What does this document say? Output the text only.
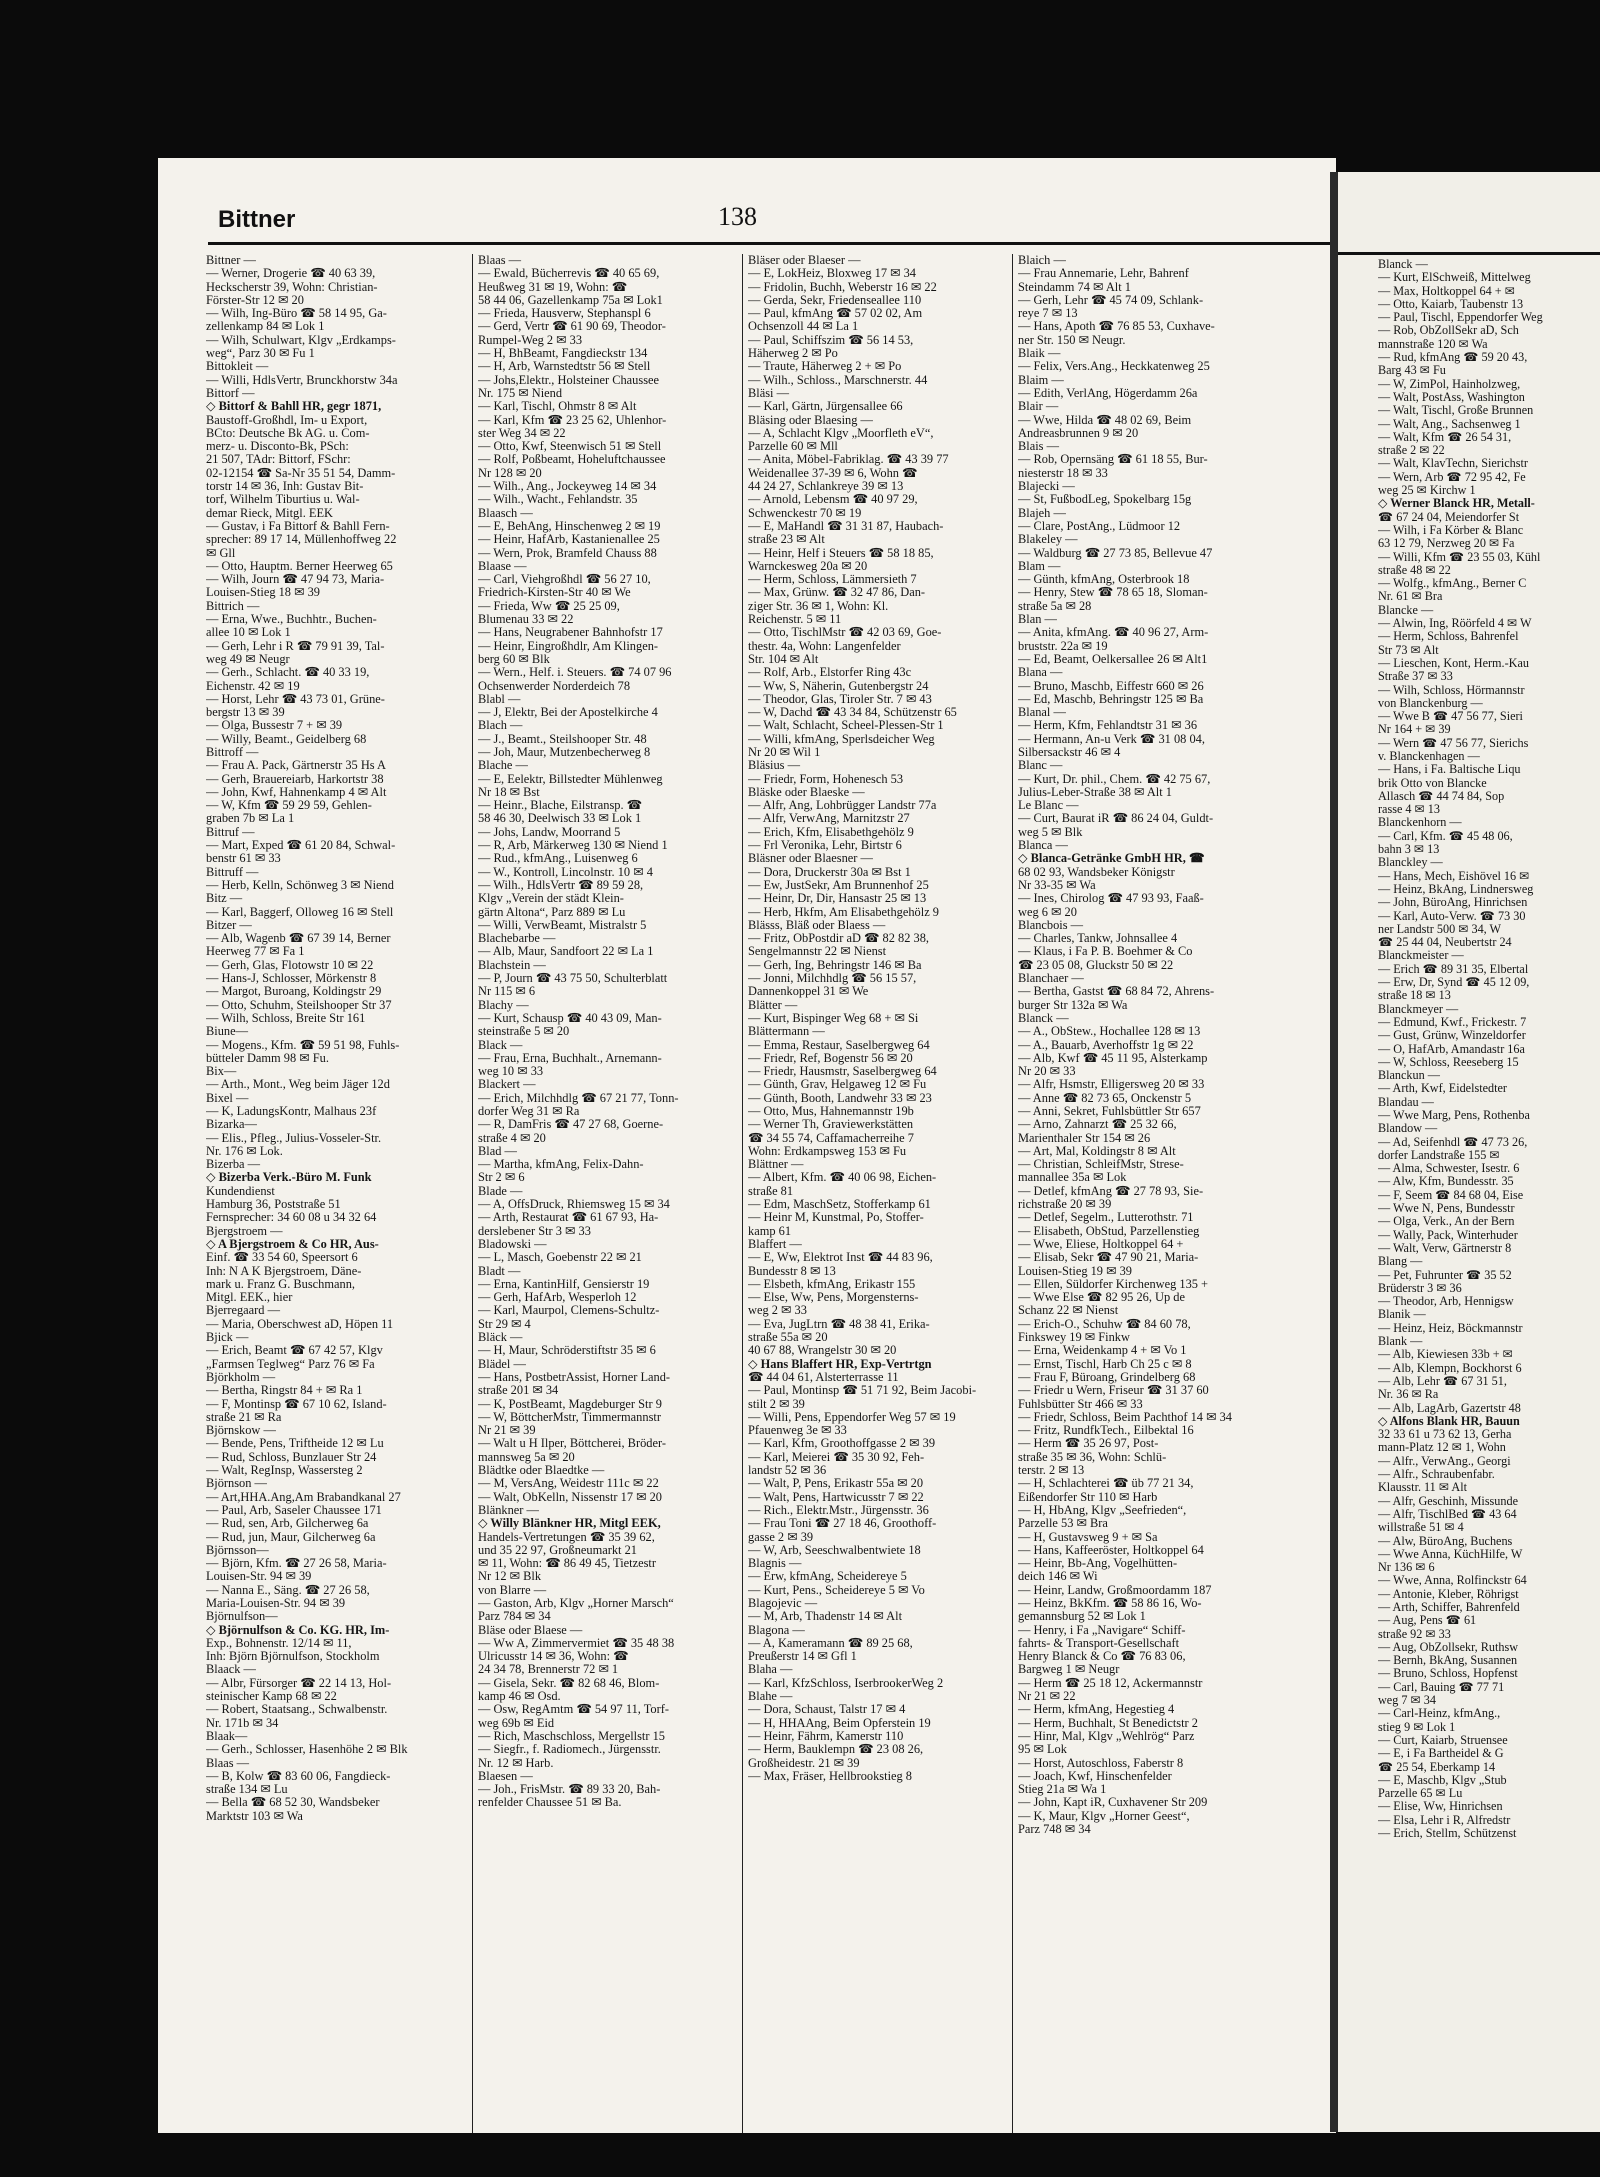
Bittner	138
Bittner —
— Werner, Drogerie ☎ 40 63 39,
Heckscherstr 39, Wohn: Christian-
Förster-Str 12 ✉ 20
— Wilh, Ing-Büro ☎ 58 14 95, Ga-
zellenkamp 84 ✉ Lok 1
— Wilh, Schulwart, Klgv „Erdkamps-
weg“, Parz 30 ✉ Fu 1
Bittokleit —
— Willi, HdlsVertr, Brunckhorstw 34a
Bittorf —
◇ Bittorf & Bahll HR, gegr 1871,
Baustoff-Großhdl, Im- u Export,
BCto: Deutsche Bk AG. u. Com-
merz- u. Disconto-Bk, PSch:
21 507, TAdr: Bittorf, FSchr:
02-12154 ☎ Sa-Nr 35 51 54, Damm-
torstr 14 ✉ 36, Inh: Gustav Bit-
torf, Wilhelm Tiburtius u. Wal-
demar Rieck, Mitgl. EEK
— Gustav, i Fa Bittorf & Bahll Fern-
sprecher: 89 17 14, Müllenhoffweg 22
✉ Gll
— Otto, Hauptm. Berner Heerweg 65
— Wilh, Journ ☎ 47 94 73, Maria-
Louisen-Stieg 18 ✉ 39
Bittrich —
— Erna, Wwe., Buchhtr., Buchen-
allee 10 ✉ Lok 1
— Gerh, Lehr i R ☎ 79 91 39, Tal-
weg 49 ✉ Neugr
— Gerh., Schlacht. ☎ 40 33 19,
Eichenstr. 42 ✉ 19
— Horst, Lehr ☎ 43 73 01, Grüne-
bergstr 13 ✉ 39
— Olga, Bussestr 7 + ✉ 39
— Willy, Beamt., Geidelberg 68
Bittroff —
— Frau A. Pack, Gärtnerstr 35 Hs A
— Gerh, Brauereiarb, Harkortstr 38
— John, Kwf, Hahnenkamp 4 ✉ Alt
— W, Kfm ☎ 59 29 59, Gehlen-
graben 7b ✉ La 1
Bittruf —
— Mart, Exped ☎ 61 20 84, Schwal-
benstr 61 ✉ 33
Bittruff —
— Herb, Kelln, Schönweg 3 ✉ Niend
Bitz —
— Karl, Baggerf, Olloweg 16 ✉ Stell
Bitzer —
— Alb, Wagenb ☎ 67 39 14, Berner
Heerweg 77 ✉ Fa 1
— Gerh, Glas, Flotowstr 10 ✉ 22
— Hans-J, Schlosser, Mörkenstr 8
— Margot, Buroang, Koldingstr 29
— Otto, Schuhm, Steilshooper Str 37
— Wilh, Schloss, Breite Str 161
Biune—
— Mogens., Kfm. ☎ 59 51 98, Fuhls-
bütteler Damm 98 ✉ Fu.
Bix—
— Arth., Mont., Weg beim Jäger 12d
Bixel —
— K, LadungsKontr, Malhaus 23f
Bizarka—
— Elis., Pfleg., Julius-Vosseler-Str.
Nr. 176 ✉ Lok.
Bizerba —
◇ Bizerba Verk.-Büro M. Funk
Kundendienst
Hamburg 36, Poststraße 51
Fernsprecher: 34 60 08 u 34 32 64
Bjergstroem —
◇ A Bjergstroem & Co HR, Aus-
Einf. ☎ 33 54 60, Speersort 6
Inh: N A K Bjergstroem, Däne-
mark u. Franz G. Buschmann,
Mitgl. EEK., hier
Bjerregaard —
— Maria, Oberschwest aD, Höpen 11
Bjick —
— Erich, Beamt ☎ 67 42 57, Klgv
„Farmsen Teglweg“ Parz 76 ✉ Fa
Björkholm —
— Bertha, Ringstr 84 + ✉ Ra 1
— F, Montinsp ☎ 67 10 62, Island-
straße 21 ✉ Ra
Björnskow —
— Bende, Pens, Triftheide 12 ✉ Lu
— Rud, Schloss, Bunzlauer Str 24
— Walt, RegInsp, Wassersteg 2
Björnson —
— Art,HHA.Ang,Am Brabandkanal 27
— Paul, Arb, Saseler Chaussee 171
— Rud, sen, Arb, Gilcherweg 6a
— Rud, jun, Maur, Gilcherweg 6a
Björnsson—
— Björn, Kfm. ☎ 27 26 58, Maria-
Louisen-Str. 94 ✉ 39
— Nanna E., Säng. ☎ 27 26 58,
Maria-Louisen-Str. 94 ✉ 39
Björnulfson—
◇ Björnulfson & Co. KG. HR, Im-
Exp., Bohnenstr. 12/14 ✉ 11,
Inh: Björn Björnulfson, Stockholm
Blaack —
— Albr, Fürsorger ☎ 22 14 13, Hol-
steinischer Kamp 68 ✉ 22
— Robert, Staatsang., Schwalbenstr.
Nr. 171b ✉ 34
Blaak—
— Gerh., Schlosser, Hasenhöhe 2 ✉ Blk
Blaas —
— B, Kolw ☎ 83 60 06, Fangdieck-
straße 134 ✉ Lu
— Bella ☎ 68 52 30, Wandsbeker
Marktstr 103 ✉ Wa
Blaas —
— Ewald, Bücherrevis ☎ 40 65 69,
Heußweg 31 ✉ 19, Wohn: ☎
58 44 06, Gazellenkamp 75a ✉ Lok1
— Frieda, Hausverw, Stephanspl 6
— Gerd, Vertr ☎ 61 90 69, Theodor-
Rumpel-Weg 2 ✉ 33
— H, BhBeamt, Fangdieckstr 134
— H, Arb, Warnstedtstr 56 ✉ Stell
— Johs,Elektr., Holsteiner Chaussee
Nr. 175 ✉ Niend
— Karl, Tischl, Ohmstr 8 ✉ Alt
— Karl, Kfm ☎ 23 25 62, Uhlenhor-
ster Weg 34 ✉ 22
— Otto, Kwf, Steenwisch 51 ✉ Stell
— Rolf, Poßbeamt, Hoheluftchaussee
Nr 128 ✉ 20
— Wilh., Ang., Jockeyweg 14 ✉ 34
— Wilh., Wacht., Fehlandstr. 35
Blaasch —
— E, BehAng, Hinschenweg 2 ✉ 19
— Heinr, HafArb, Kastanienallee 25
— Wern, Prok, Bramfeld Chauss 88
Blaase —
— Carl, Viehgroßhdl ☎ 56 27 10,
Friedrich-Kirsten-Str 40 ✉ We
— Frieda, Ww ☎ 25 25 09,
Blumenau 33 ✉ 22
— Hans, Neugrabener Bahnhofstr 17
— Heinr, Eingroßhdlr, Am Klingen-
berg 60 ✉ Blk
— Wern., Helf. i. Steuers. ☎ 74 07 96
Ochsenwerder Norderdeich 78
Blabl —
— J, Elektr, Bei der Apostelkirche 4
Blach —
— J., Beamt., Steilshooper Str. 48
— Joh, Maur, Mutzenbecherweg 8
Blache —
— E, Eelektr, Billstedter Mühlenweg
Nr 18 ✉ Bst
— Heinr., Blache, Eilstransp. ☎
58 46 30, Deelwisch 33 ✉ Lok 1
— Johs, Landw, Moorrand 5
— R, Arb, Märkerweg 130 ✉ Niend 1
— Rud., kfmAng., Luisenweg 6
— W., Kontroll, Lincolnstr. 10 ✉ 4
— Wilh., HdlsVertr ☎ 89 59 28,
Klgv „Verein der städt Klein-
gärtn Altona“, Parz 889 ✉ Lu
— Willi, VerwBeamt, Mistralstr 5
Blachebarbe —
— Alb, Maur, Sandfoort 22 ✉ La 1
Blachstein —
— P, Journ ☎ 43 75 50, Schulterblatt
Nr 115 ✉ 6
Blachy —
— Kurt, Schausp ☎ 40 43 09, Man-
steinstraße 5 ✉ 20
Black —
— Frau, Erna, Buchhalt., Arnemann-
weg 10 ✉ 33
Blackert —
— Erich, Milchhdlg ☎ 67 21 77, Tonn-
dorfer Weg 31 ✉ Ra
— R, DamFris ☎ 47 27 68, Goerne-
straße 4 ✉ 20
Blad —
— Martha, kfmAng, Felix-Dahn-
Str 2 ✉ 6
Blade —
— A, OffsDruck, Rhiemsweg 15 ✉ 34
— Arth, Restaurat ☎ 61 67 93, Ha-
derslebener Str 3 ✉ 33
Bladowski —
— L, Masch, Goebenstr 22 ✉ 21
Bladt —
— Erna, KantinHilf, Gensierstr 19
— Gerh, HafArb, Wesperloh 12
— Karl, Maurpol, Clemens-Schultz-
Str 29 ✉ 4
Bläck —
— H, Maur, Schröderstiftstr 35 ✉ 6
Blädel —
— Hans, PostbetrAssist, Horner Land-
straße 201 ✉ 34
— K, PostBeamt, Magdeburger Str 9
— W, BöttcherMstr, Timmermannstr
Nr 21 ✉ 39
— Walt u H Ilper, Böttcherei, Bröder-
mannsweg 5a ✉ 20
Blädtke oder Blaedtke —
— M, VersAng, Weidestr 111c ✉ 22
— Walt, ObKelln, Nissenstr 17 ✉ 20
Blänkner —
◇ Willy Blänkner HR, Mitgl EEK,
Handels-Vertretungen ☎ 35 39 62,
und 35 22 97, Großneumarkt 21
✉ 11, Wohn: ☎ 86 49 45, Tietzestr
Nr 12 ✉ Blk
von Blarre —
— Gaston, Arb, Klgv „Horner Marsch“
Parz 784 ✉ 34
Bläse oder Blaese —
— Ww A, Zimmervermiet ☎ 35 48 38
Ulricusstr 14 ✉ 36, Wohn: ☎
24 34 78, Brennerstr 72 ✉ 1
— Gisela, Sekr. ☎ 82 68 46, Blom-
kamp 46 ✉ Osd.
— Osw, RegAmtm ☎ 54 97 11, Torf-
weg 69b ✉ Eid
— Rich, Maschschloss, Mergellstr 15
— Siegfr., f. Radiomech., Jürgensstr.
Nr. 12 ✉ Harb.
Blaesen —
— Joh., FrisMstr. ☎ 89 33 20, Bah-
renfelder Chaussee 51 ✉ Ba.
Bläser oder Blaeser —
— E, LokHeiz, Bloxweg 17 ✉ 34
— Fridolin, Buchh, Weberstr 16 ✉ 22
— Gerda, Sekr, Friedenseallee 110
— Paul, kfmAng ☎ 57 02 02, Am
Ochsenzoll 44 ✉ La 1
— Paul, Schiffszim ☎ 56 14 53,
Häherweg 2 ✉ Po
— Traute, Häherweg 2 + ✉ Po
— Wilh., Schloss., Marschnerstr. 44
Bläsi —
— Karl, Gärtn, Jürgensallee 66
Bläsing oder Blaesing —
— A, Schlacht Klgv „Moorfleth eV“,
Parzelle 60 ✉ Mll
— Anita, Möbel-Fabriklag. ☎ 43 39 77
Weidenallee 37-39 ✉ 6, Wohn ☎
44 24 27, Schlankreye 39 ✉ 13
— Arnold, Lebensm ☎ 40 97 29,
Schwenckestr 70 ✉ 19
— E, MaHandl ☎ 31 31 87, Haubach-
straße 23 ✉ Alt
— Heinr, Helf i Steuers ☎ 58 18 85,
Warnckesweg 20a ✉ 20
— Herm, Schloss, Lämmersieth 7
— Max, Grünw. ☎ 32 47 86, Dan-
ziger Str. 36 ✉ 1, Wohn: Kl.
Reichenstr. 5 ✉ 11
— Otto, TischlMstr ☎ 42 03 69, Goe-
thestr. 4a, Wohn: Langenfelder
Str. 104 ✉ Alt
— Rolf, Arb., Elstorfer Ring 43c
— Ww, S, Näherin, Gutenbergstr 24
— Theodor, Glas, Tiroler Str. 7 ✉ 43
— W, Dachd ☎ 43 34 84, Schützenstr 65
— Walt, Schlacht, Scheel-Plessen-Str 1
— Willi, kfmAng, Sperlsdeicher Weg
Nr 20 ✉ Wil 1
Bläsius —
— Friedr, Form, Hohenesch 53
Bläske oder Blaeske —
— Alfr, Ang, Lohbrügger Landstr 77a
— Alfr, VerwAng, Marnitzstr 27
— Erich, Kfm, Elisabethgehölz 9
— Frl Veronika, Lehr, Birtstr 6
Bläsner oder Blaesner —
— Dora, Druckerstr 30a ✉ Bst 1
— Ew, JustSekr, Am Brunnenhof 25
— Heinr, Dr, Dir, Hansastr 25 ✉ 13
— Herb, Hkfm, Am Elisabethgehölz 9
Blässs, Bläß oder Blaess —
— Fritz, ObPostdir aD ☎ 82 82 38,
Sengelmannstr 22 ✉ Nienst
— Gerh, Ing, Behringstr 146 ✉ Ba
— Jonni, Milchhdlg ☎ 56 15 57,
Dannenkoppel 31 ✉ We
Blätter —
— Kurt, Bispinger Weg 68 + ✉ Si
Blättermann —
— Emma, Restaur, Saselbergweg 64
— Friedr, Ref, Bogenstr 56 ✉ 20
— Friedr, Hausmstr, Saselbergweg 64
— Günth, Grav, Helgaweg 12 ✉ Fu
— Günth, Booth, Landwehr 33 ✉ 23
— Otto, Mus, Hahnemannstr 19b
— Werner Th, Graviewerkstätten
☎ 34 55 74, Caffamacherreihe 7
Wohn: Erdkampsweg 153 ✉ Fu
Blättner —
— Albert, Kfm. ☎ 40 06 98, Eichen-
straße 81
— Edm, MaschSetz, Stofferkamp 61
— Heinr M, Kunstmal, Po, Stoffer-
kamp 61
Blaffert —
— E, Ww, Elektrot Inst ☎ 44 83 96,
Bundesstr 8 ✉ 13
— Elsbeth, kfmAng, Erikastr 155
— Else, Ww, Pens, Morgensterns-
weg 2 ✉ 33
— Eva, JugLtrn ☎ 48 38 41, Erika-
straße 55a ✉ 20
40 67 88, Wrangelstr 30 ✉ 20
◇ Hans Blaffert HR, Exp-Vertrtgn
☎ 44 04 61, Alsterterrasse 11
— Paul, Montinsp ☎ 51 71 92, Beim Jacobi-
stilt 2 ✉ 39
— Willi, Pens, Eppendorfer Weg 57 ✉ 19
Pfauenweg 3e ✉ 33
— Karl, Kfm, Groothoffgasse 2 ✉ 39
— Karl, Meierei ☎ 35 30 92, Feh-
landstr 52 ✉ 36
— Walt, P, Pens, Erikastr 55a ✉ 20
— Walt, Pens, Hartwicusstr 7 ✉ 22
— Rich., Elektr.Mstr., Jürgensstr. 36
— Frau Toni ☎ 27 18 46, Groothoff-
gasse 2 ✉ 39
— W, Arb, Seeschwalbentwiete 18
Blagnis —
— Erw, kfmAng, Scheidereye 5
— Kurt, Pens., Scheidereye 5 ✉ Vo
Blagojevic —
— M, Arb, Thadenstr 14 ✉ Alt
Blagona —
— A, Kameramann ☎ 89 25 68,
Preußerstr 14 ✉ Gfl 1
Blaha —
— Karl, KfzSchloss, IserbrookerWeg 2
Blahe —
— Dora, Schaust, Talstr 17 ✉ 4
— H, HHAAng, Beim Opferstein 19
— Heinr, Fährm, Kamerstr 110
— Herm, Bauklempn ☎ 23 08 26,
Großheidestr. 21 ✉ 39
— Max, Fräser, Hellbrookstieg 8
Blaich —
— Frau Annemarie, Lehr, Bahrenf
Steindamm 74 ✉ Alt 1
— Gerh, Lehr ☎ 45 74 09, Schlank-
reye 7 ✉ 13
— Hans, Apoth ☎ 76 85 53, Cuxhave-
ner Str. 150 ✉ Neugr.
Blaik —
— Felix, Vers.Ang., Heckkatenweg 25
Blaim —
— Edith, VerlAng, Högerdamm 26a
Blair —
— Wwe, Hilda ☎ 48 02 69, Beim
Andreasbrunnen 9 ✉ 20
Blais —
— Rob, Opernsäng ☎ 61 18 55, Bur-
niesterstr 18 ✉ 33
Blajecki —
— St, FußbodLeg, Spokelbarg 15g
Blajeh —
— Clare, PostAng., Lüdmoor 12
Blakeley —
— Waldburg ☎ 27 73 85, Bellevue 47
Blam —
— Günth, kfmAng, Osterbrook 18
— Henry, Stew ☎ 78 65 18, Sloman-
straße 5a ✉ 28
Blan —
— Anita, kfmAng. ☎ 40 96 27, Arm-
bruststr. 22a ✉ 19
— Ed, Beamt, Oelkersallee 26 ✉ Alt1
Blana —
— Bruno, Maschb, Eiffestr 660 ✉ 26
— Ed, Maschb, Behringstr 125 ✉ Ba
Blanal —
— Herm, Kfm, Fehlandtstr 31 ✉ 36
— Hermann, An-u Verk ☎ 31 08 04,
Silbersackstr 46 ✉ 4
Blanc —
— Kurt, Dr. phil., Chem. ☎ 42 75 67,
Julius-Leber-Straße 38 ✉ Alt 1
Le Blanc —
— Curt, Baurat iR ☎ 86 24 04, Guldt-
weg 5 ✉ Blk
Blanca —
◇ Blanca-Getränke GmbH HR, ☎
68 02 93, Wandsbeker Königstr
Nr 33-35 ✉ Wa
— Ines, Chirolog ☎ 47 93 93, Faaß-
weg 6 ✉ 20
Blancbois —
— Charles, Tankw, Johnsallee 4
— Klaus, i Fa P. B. Boehmer & Co
☎ 23 05 08, Gluckstr 50 ✉ 22
Blanchaer —
— Bertha, Gastst ☎ 68 84 72, Ahrens-
burger Str 132a ✉ Wa
Blanck —
— A., ObStew., Hochallee 128 ✉ 13
— A., Bauarb, Averhoffstr 1g ✉ 22
— Alb, Kwf ☎ 45 11 95, Alsterkamp
Nr 20 ✉ 33
— Alfr, Hsmstr, Elligersweg 20 ✉ 33
— Anne ☎ 82 73 65, Onckenstr 5
— Anni, Sekret, Fuhlsbüttler Str 657
— Arno, Zahnarzt ☎ 25 32 66,
Marienthaler Str 154 ✉ 26
— Art, Mal, Koldingstr 8 ✉ Alt
— Christian, SchleifMstr, Strese-
mannallee 35a ✉ Lok
— Detlef, kfmAng ☎ 27 78 93, Sie-
richstraße 20 ✉ 39
— Detlef, Segelm., Lutterothstr. 71
— Elisabeth, ObStud, Parzellenstieg
— Wwe, Eliese, Holtkoppel 64 +
— Elisab, Sekr ☎ 47 90 21, Maria-
Louisen-Stieg 19 ✉ 39
— Ellen, Süldorfer Kirchenweg 135 +
— Wwe Else ☎ 82 95 26, Up de
Schanz 22 ✉ Nienst
— Erich-O., Schuhw ☎ 84 60 78,
Finkswey 19 ✉ Finkw
— Erna, Weidenkamp 4 + ✉ Vo 1
— Ernst, Tischl, Harb Ch 25 c ✉ 8
— Frau F, Büroang, Grindelberg 68
— Friedr u Wern, Friseur ☎ 31 37 60
Fuhlsbütter Str 466 ✉ 33
— Friedr, Schloss, Beim Pachthof 14 ✉ 34
— Fritz, RundfkTech., Eilbektal 16
— Herm ☎ 35 26 97, Post-
straße 35 ✉ 36, Wohn: Schlü-
terstr. 2 ✉ 13
— H, Schlachterei ☎ üb 77 21 34,
Eißendorfer Str 110 ✉ Harb
— H, HbAng, Klgv „Seefrieden“,
Parzelle 53 ✉ Bra
— H, Gustavsweg 9 + ✉ Sa
— Hans, Kaffeeröster, Holtkoppel 64
— Heinr, Bb-Ang, Vogelhütten-
deich 146 ✉ Wi
— Heinr, Landw, Großmoordamm 187
— Heinz, BkKfm. ☎ 58 86 16, Wo-
gemannsburg 52 ✉ Lok 1
— Henry, i Fa „Navigare“ Schiff-
fahrts- & Transport-Gesellschaft
Henry Blanck & Co ☎ 76 83 06,
Bargweg 1 ✉ Neugr
— Herm ☎ 25 18 12, Ackermannstr
Nr 21 ✉ 22
— Herm, kfmAng, Hegestieg 4
— Herm, Buchhalt, St Benedictstr 2
— Hinr, Mal, Klgv „Wehlrög“ Parz
95 ✉ Lok
— Horst, Autoschloss, Faberstr 8
— Joach, Kwf, Hinschenfelder
Stieg 21a ✉ Wa 1
— John, Kapt iR, Cuxhavener Str 209
— K, Maur, Klgv „Horner Geest“,
Parz 748 ✉ 34
Blanck —
— Kurt, ElSchweiß, Mittelweg
— Max, Holtkoppel 64 + ✉
— Otto, Kaiarb, Taubenstr 13
— Paul, Tischl, Eppendorfer Weg
— Rob, ObZollSekr aD, Sch
mannstraße 120 ✉ Wa
— Rud, kfmAng ☎ 59 20 43,
Barg 43 ✉ Fu
— W, ZimPol, Hainholzweg,
— Walt, PostAss, Washington
— Walt, Tischl, Große Brunnen
— Walt, Ang., Sachsenweg 1
— Walt, Kfm ☎ 26 54 31,
straße 2 ✉ 22
— Walt, KlavTechn, Sierichstr
— Wern, Arb ☎ 72 95 42, Fe
weg 25 ✉ Kirchw 1
◇ Werner Blanck HR, Metall-
☎ 67 24 04, Meiendorfer St
— Wilh, i Fa Körber & Blanc
63 12 79, Nerzweg 20 ✉ Fa
— Willi, Kfm ☎ 23 55 03, Kühl
straße 48 ✉ 22
— Wolfg., kfmAng., Berner C
Nr. 61 ✉ Bra
Blancke —
— Alwin, Ing, Röörfeld 4 ✉ W
— Herm, Schloss, Bahrenfel
Str 73 ✉ Alt
— Lieschen, Kont, Herm.-Kau
Straße 37 ✉ 33
— Wilh, Schloss, Hörmannstr
von Blanckenburg —
— Wwe B ☎ 47 56 77, Sieri
Nr 164 + ✉ 39
— Wern ☎ 47 56 77, Sierichs
v. Blanckenhagen —
— Hans, i Fa. Baltische Liqu
brik Otto von Blancke
Allasch ☎ 44 74 84, Sop
rasse 4 ✉ 13
Blanckenhorn —
— Carl, Kfm. ☎ 45 48 06,
bahn 3 ✉ 13
Blanckley —
— Hans, Mech, Eishövel 16 ✉
— Heinz, BkAng, Lindnersweg
— John, BüroAng, Hinrichsen
— Karl, Auto-Verw. ☎ 73 30
ner Landstr 500 ✉ 34, W
☎ 25 44 04, Neubertstr 24
Blanckmeister —
— Erich ☎ 89 31 35, Elbertal
— Erw, Dr, Synd ☎ 45 12 09,
straße 18 ✉ 13
Blanckmeyer —
— Edmund, Kwf., Frickestr. 7
— Gust, Grünw, Winzeldorfer
— O, HafArb, Amandastr 16a
— W, Schloss, Reeseberg 15
Blanckun —
— Arth, Kwf, Eidelstedter
Blandau —
— Wwe Marg, Pens, Rothenba
Blandow —
— Ad, Seifenhdl ☎ 47 73 26,
dorfer Landstraße 155 ✉
— Alma, Schwester, Isestr. 6
— Alw, Kfm, Bundesstr. 35
— F, Seem ☎ 84 68 04, Eise
— Wwe N, Pens, Bundesstr
— Olga, Verk., An der Bern
— Wally, Pack, Winterhuder
— Walt, Verw, Gärtnerstr 8
Blang —
— Pet, Fuhrunter ☎ 35 52
Brüderstr 3 ✉ 36
— Theodor, Arb, Hennigsw
Blanik —
— Heinz, Heiz, Böckmannstr
Blank —
— Alb, Kiewiesen 33b + ✉
— Alb, Klempn, Bockhorst 6
— Alb, Lehr ☎ 67 31 51,
Nr. 36 ✉ Ra
— Alb, LagArb, Gazertstr 48
◇ Alfons Blank HR, Bauun
32 33 61 u 73 62 13, Gerha
mann-Platz 12 ✉ 1, Wohn
— Alfr., VerwAng., Georgi
— Alfr., Schraubenfabr.
Klausstr. 11 ✉ Alt
— Alfr, Geschinh, Missunde
— Alfr, TischlBed ☎ 43 64
willstraße 51 ✉ 4
— Alw, BüroAng, Buchens
— Wwe Anna, KüchHilfe, W
Nr 136 ✉ 6
— Wwe, Anna, Rolfinckstr 64
— Antonie, Kleber, Röhrigst
— Arth, Schiffer, Bahrenfeld
— Aug, Pens ☎ 61
straße 92 ✉ 33
— Aug, ObZollsekr, Ruthsw
— Bernh, BkAng, Susannen
— Bruno, Schloss, Hopfenst
— Carl, Bauing ☎ 77 71
weg 7 ✉ 34
— Carl-Heinz, kfmAng.,
stieg 9 ✉ Lok 1
— Curt, Kaiarb, Struensee
— E, i Fa Bartheidel & G
☎ 25 54, Eberkamp 14
— E, Maschb, Klgv „Stub
Parzelle 65 ✉ Lu
— Elise, Ww, Hinrichsen
— Elsa, Lehr i R, Alfredstr
— Erich, Stellm, Schützenst
